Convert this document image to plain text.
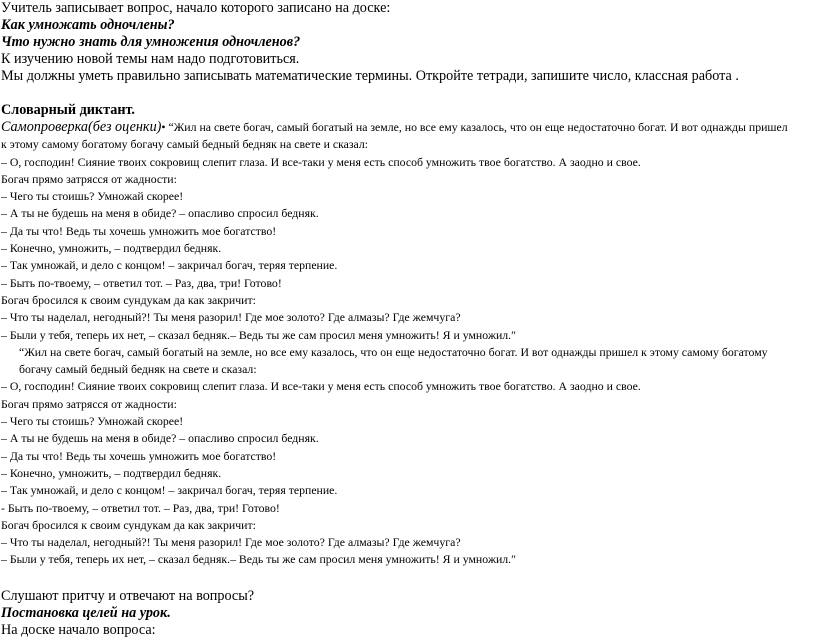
Учитель записывает вопрос, начало которого записано на доске:

Как умножать одночлены?

Что нужно знать для умножения одночленов?

К изучению новой темы нам надо подготовиться.

Мы должны уметь правильно записывать математические термины. Откройте тетради, запишите число, классная работа .

Словарный диктант.

Самопроверка(без оценки)• “Жил на свете богач, самый богатый на земле, но все ему казалось, что он еще недостаточно богат. И вот однажды пришел

к этому самому богатому богачу самый бедный бедняк на свете и сказал:

– О, господин! Сияние твоих сокровищ слепит глаза. И все-таки у меня есть способ умножить твое богатство. А заодно и свое.

Богач прямо затрясся от жадности:

– Чего ты стоишь? Умножай скорее!

– А ты не будешь на меня в обиде? – опасливо спросил бедняк.

– Да ты что! Ведь ты хочешь умножить мое богатство!

– Конечно, умножить, – подтвердил бедняк.

– Так умножай, и дело с концом! – закричал богач, теряя терпение.

– Быть по-твоему, – ответил тот. – Раз, два, три! Готово!

Богач бросился к своим сундукам да как закричит:

– Что ты наделал, негодный?! Ты меня разорил! Где мое золото? Где алмазы? Где жемчуга?

– Были у тебя, теперь их нет, – сказал бедняк.– Ведь ты же сам просил меня умножить! Я и умножил.″

“Жил на свете богач, самый богатый на земле, но все ему казалось, что он еще недостаточно богат. И вот однажды пришел к этому самому богатому

богачу самый бедный бедняк на свете и сказал:

– О, господин! Сияние твоих сокровищ слепит глаза. И все-таки у меня есть способ умножить твое богатство. А заодно и свое.

Богач прямо затрясся от жадности:

– Чего ты стоишь? Умножай скорее!

– А ты не будешь на меня в обиде? – опасливо спросил бедняк.

– Да ты что! Ведь ты хочешь умножить мое богатство!

– Конечно, умножить, – подтвердил бедняк.

– Так умножай, и дело с концом! – закричал богач, теряя терпение.

- Быть по-твоему, – ответил тот. – Раз, два, три! Готово!

Богач бросился к своим сундукам да как закричит:

– Что ты наделал, негодный?! Ты меня разорил! Где мое золото? Где алмазы? Где жемчуга?

– Были у тебя, теперь их нет, – сказал бедняк.– Ведь ты же сам просил меня умножить! Я и умножил.″

Слушают притчу и отвечают на вопросы?

Постановка целей на урок.

На доске начало вопроса:
